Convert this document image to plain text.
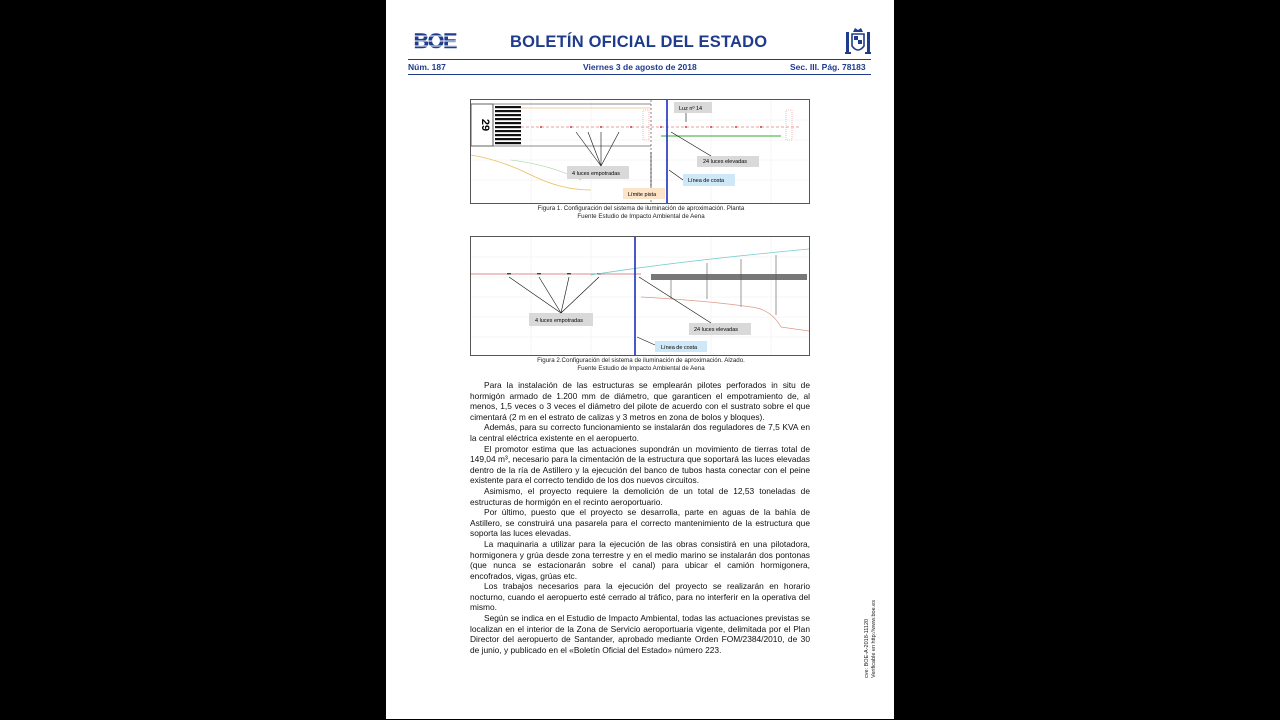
BOE	BOLETÍN OFICIAL DEL ESTADO
Núm. 187	Viernes 3 de agosto de 2018	Sec. III. Pág. 78183
29
Luz nº 14
4 luces empotradas
24 luces elevadas
Línea de costa
Límite pista
Figura 1. Configuración del sistema de iluminación de aproximación. Planta
Fuente Estudio de Impacto Ambiental de Aena
4 luces empotradas
24 luces elevadas
Línea de costa
Figura 2.Configuración del sistema de iluminación de aproximación. Alzado.
Fuente Estudio de Impacto Ambiental de Aena

Para la instalación de las estructuras se emplearán pilotes perforados in situ de hormigón armado de 1.200 mm de diámetro, que garanticen el empotramiento de, al menos, 1,5 veces o 3 veces el diámetro del pilote de acuerdo con el sustrato sobre el que cimentará (2 m en el estrato de calizas y 3 metros en zona de bolos y bloques).

Además, para su correcto funcionamiento se instalarán dos reguladores de 7,5 KVA en la central eléctrica existente en el aeropuerto.

El promotor estima que las actuaciones supondrán un movimiento de tierras total de 149,04 m³, necesario para la cimentación de la estructura que soportará las luces elevadas dentro de la ría de Astillero y la ejecución del banco de tubos hasta conectar con el peine existente para el correcto tendido de los dos nuevos circuitos.

Asimismo, el proyecto requiere la demolición de un total de 12,53 toneladas de estructuras de hormigón en el recinto aeroportuario.

Por último, puesto que el proyecto se desarrolla, parte en aguas de la bahía de Astillero, se construirá una pasarela para el correcto mantenimiento de la estructura que soporta las luces elevadas.

La maquinaria a utilizar para la ejecución de las obras consistirá en una pilotadora, hormigonera y grúa desde zona terrestre y en el medio marino se instalarán dos pontonas (que nunca se estacionarán sobre el canal) para ubicar el camión hormigonera, encofrados, vigas, grúas etc.

Los trabajos necesarios para la ejecución del proyecto se realizarán en horario nocturno, cuando el aeropuerto esté cerrado al tráfico, para no interferir en la operativa del mismo.

Según se indica en el Estudio de Impacto Ambiental, todas las actuaciones previstas se localizan en el interior de la Zona de Servicio aeroportuaria vigente, delimitada por el Plan Director del aeropuerto de Santander, aprobado mediante Orden FOM/2384/2010, de 30 de junio, y publicado en el «Boletín Oficial del Estado» número 223.	cve: BOE-A-2018-11120 Verificable en http://www.boe.es
